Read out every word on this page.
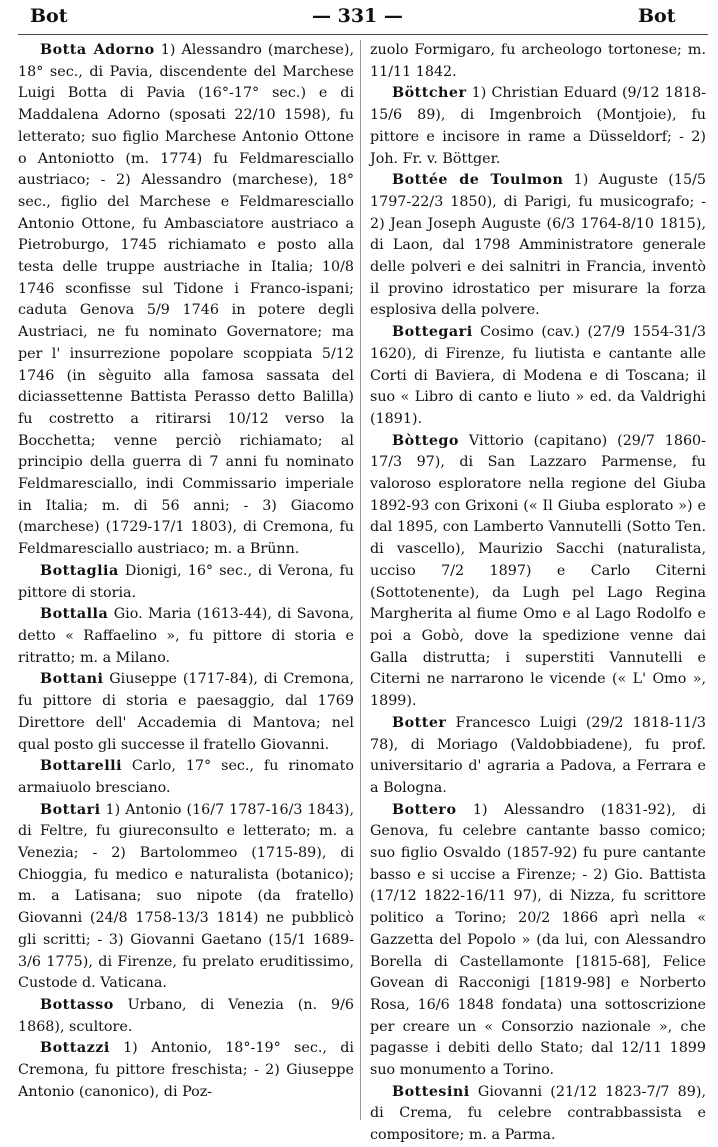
Bot	— 331 —	Bot

Botta Adorno 1) Alessandro (marchese), 18° sec., di Pavia, discendente del Marchese Luigi Botta di Pavia (16°-17° sec.) e di Maddalena Adorno (sposati 22/10 1598), fu letterato; suo figlio Marchese Antonio Ottone o Antoniotto (m. 1774) fu Feldmaresciallo austriaco; - 2) Alessandro (marchese), 18° sec., figlio del Marchese e Feldmaresciallo Antonio Ottone, fu Ambasciatore austriaco a Pietroburgo, 1745 richiamato e posto alla testa delle truppe austriache in Italia; 10/8 1746 sconfisse sul Tidone i Franco-ispani; caduta Genova 5/9 1746 in potere degli Austriaci, ne fu nominato Governatore; ma per l' insurrezione popolare scoppiata 5/12 1746 (in sèguito alla famosa sassata del diciassettenne Battista Perasso detto Balilla) fu costretto a ritirarsi 10/12 verso la Bocchetta; venne perciò richiamato; al principio della guerra di 7 anni fu nominato Feldmaresciallo, indi Commissario imperiale in Italia; m. di 56 anni; - 3) Giacomo (marchese) (1729-17/1 1803), di Cremona, fu Feldmaresciallo austriaco; m. a Brünn.

Bottaglia Dionigi, 16° sec., di Verona, fu pittore di storia.

Bottalla Gio. Maria (1613-44), di Savona, detto « Raffaelino », fu pittore di storia e ritratto; m. a Milano.

Bottani Giuseppe (1717-84), di Cremona, fu pittore di storia e paesaggio, dal 1769 Direttore dell' Accademia di Mantova; nel qual posto gli successe il fratello Giovanni.

Bottarelli Carlo, 17° sec., fu rinomato armaiuolo bresciano.

Bottari 1) Antonio (16/7 1787-16/3 1843), di Feltre, fu giureconsulto e letterato; m. a Venezia; - 2) Bartolommeo (1715-89), di Chioggia, fu medico e naturalista (botanico); m. a Latisana; suo nipote (da fratello) Giovanni (24/8 1758-13/3 1814) ne pubblicò gli scritti; - 3) Giovanni Gaetano (15/1 1689-3/6 1775), di Firenze, fu prelato eruditissimo, Custode d. Vaticana.

Bottasso Urbano, di Venezia (n. 9/6 1868), scultore.

Bottazzi 1) Antonio, 18°-19° sec., di Cremona, fu pittore freschista; - 2) Giuseppe Antonio (canonico), di Poz-

zuolo Formigaro, fu archeologo tortonese; m. 11/11 1842.

Böttcher 1) Christian Eduard (9/12 1818-15/6 89), di Imgenbroich (Montjoie), fu pittore e incisore in rame a Düsseldorf; - 2) Joh. Fr. v. Böttger.

Bottée de Toulmon 1) Auguste (15/5 1797-22/3 1850), di Parigi, fu musicografo; - 2) Jean Joseph Auguste (6/3 1764-8/10 1815), di Laon, dal 1798 Amministratore generale delle polveri e dei salnitri in Francia, inventò il provino idrostatico per misurare la forza esplosiva della polvere.

Bottegari Cosimo (cav.) (27/9 1554-31/3 1620), di Firenze, fu liutista e cantante alle Corti di Baviera, di Modena e di Toscana; il suo « Libro di canto e liuto » ed. da Valdrighi (1891).

Bòttego Vittorio (capitano) (29/7 1860-17/3 97), di San Lazzaro Parmense, fu valoroso esploratore nella regione del Giuba 1892-93 con Grixoni (« Il Giuba esplorato ») e dal 1895, con Lamberto Vannutelli (Sotto Ten. di vascello), Maurizio Sacchi (naturalista, ucciso 7/2 1897) e Carlo Citerni (Sottotenente), da Lugh pel Lago Regina Margherita al fiume Omo e al Lago Rodolfo e poi a Gobò, dove la spedizione venne dai Galla distrutta; i superstiti Vannutelli e Citerni ne narrarono le vicende (« L' Omo », 1899).

Botter Francesco Luigi (29/2 1818-11/3 78), di Moriago (Valdobbiadene), fu prof. universitario d' agraria a Padova, a Ferrara e a Bologna.

Bottero 1) Alessandro (1831-92), di Genova, fu celebre cantante basso comico; suo figlio Osvaldo (1857-92) fu pure cantante basso e si uccise a Firenze; - 2) Gio. Battista (17/12 1822-16/11 97), di Nizza, fu scrittore politico a Torino; 20/2 1866 aprì nella « Gazzetta del Popolo » (da lui, con Alessandro Borella di Castellamonte [1815-68], Felice Govean di Racconigi [1819-98] e Norberto Rosa, 16/6 1848 fondata) una sottoscrizione per creare un « Consorzio nazionale », che pagasse i debiti dello Stato; dal 12/11 1899 suo monumento a Torino.

Bottesini Giovanni (21/12 1823-7/7 89), di Crema, fu celebre contrabbassista e compositore; m. a Parma.
